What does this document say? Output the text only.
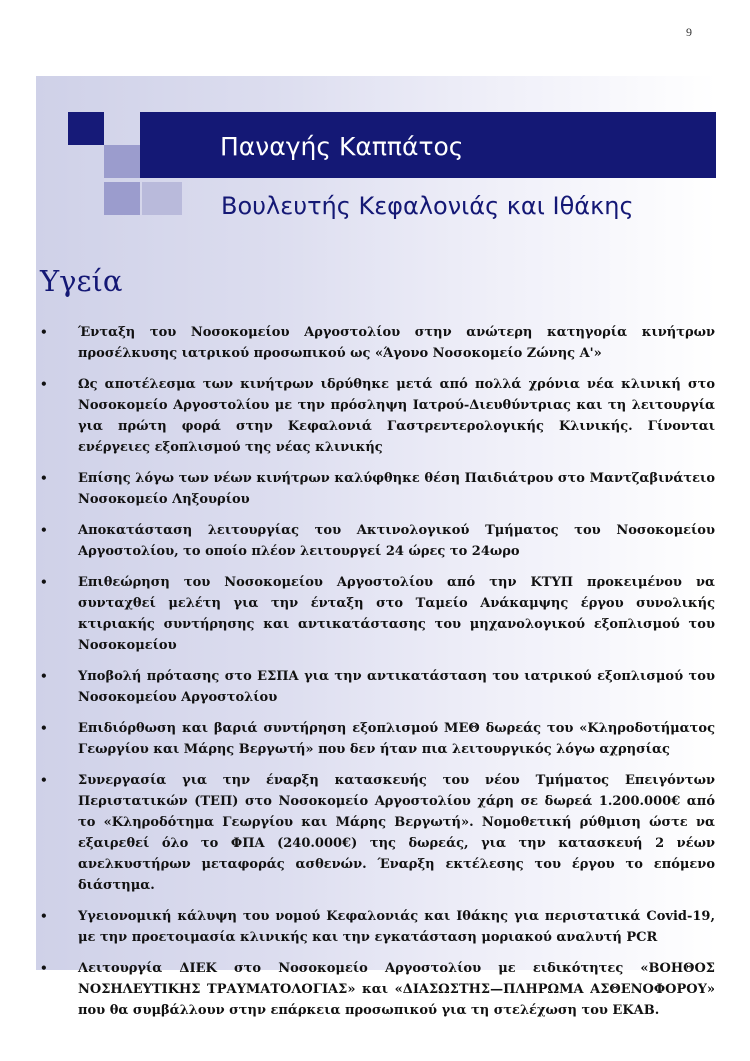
9
Παναγής Καππάτος
Βουλευτής Κεφαλονιάς και Ιθάκης
Υγεία
• Ένταξη του Νοσοκομείου Αργοστολίου στην ανώτερη κατηγορία κινήτρων προσέλκυσης ιατρικού προσωπικού ως «Άγονο Νοσοκομείο Ζώνης Α'»
• Ως αποτέλεσμα των κινήτρων ιδρύθηκε μετά από πολλά χρόνια νέα κλινική στο Νοσοκομείο Αργοστολίου με την πρόσληψη Ιατρού-Διευθύντριας και τη λειτουργία για πρώτη φορά στην Κεφαλονιά Γαστρεντερολογικής Κλινικής. Γίνονται ενέργειες εξοπλισμού της νέας κλινικής
• Επίσης λόγω των νέων κινήτρων καλύφθηκε θέση Παιδιάτρου στο Μαντζαβινάτειο Νοσοκομείο Ληξουρίου
• Αποκατάσταση λειτουργίας του Ακτινολογικού Τμήματος του Νοσοκομείου Αργοστολίου, το οποίο πλέον λειτουργεί 24 ώρες το 24ωρο
• Επιθεώρηση του Νοσοκομείου Αργοστολίου από την ΚΤΥΠ προκειμένου να συνταχθεί μελέτη για την ένταξη στο Ταμείο Ανάκαμψης έργου συνολικής κτιριακής συντήρησης και αντικατάστασης του μηχανολογικού εξοπλισμού του Νοσοκομείου
• Υποβολή πρότασης στο ΕΣΠΑ για την αντικατάσταση του ιατρικού εξοπλισμού του Νοσοκομείου Αργοστολίου
• Επιδιόρθωση και βαριά συντήρηση εξοπλισμού ΜΕΘ δωρεάς του «Κληροδοτήματος Γεωργίου και Μάρης Βεργωτή» που δεν ήταν πια λειτουργικός λόγω αχρησίας
• Συνεργασία για την έναρξη κατασκευής του νέου Τμήματος Επειγόντων Περιστατικών (ΤΕΠ) στο Νοσοκομείο Αργοστολίου χάρη σε δωρεά 1.200.000€ από το «Κληροδότημα Γεωργίου και Μάρης Βεργωτή». Νομοθετική ρύθμιση ώστε να εξαιρεθεί όλο το ΦΠΑ (240.000€) της δωρεάς, για την κατασκευή 2 νέων ανελκυστήρων μεταφοράς ασθενών. Έναρξη εκτέλεσης του έργου το επόμενο διάστημα.
• Υγειονομική κάλυψη του νομού Κεφαλονιάς και Ιθάκης για περιστατικά Covid-19, με την προετοιμασία κλινικής και την εγκατάσταση μοριακού αναλυτή PCR
• Λειτουργία ΔΙΕΚ στο Νοσοκομείο Αργοστολίου με ειδικότητες «ΒΟΗΘΟΣ ΝΟΣΗΛΕΥΤΙΚΗΣ ΤΡΑΥΜΑΤΟΛΟΓΙΑΣ» και «ΔΙΑΣΩΣΤΗΣ—ΠΛΗΡΩΜΑ ΑΣΘΕΝΟΦΟΡΟΥ» που θα συμβάλλουν στην επάρκεια προσωπικού για τη στελέχωση του ΕΚΑΒ.
